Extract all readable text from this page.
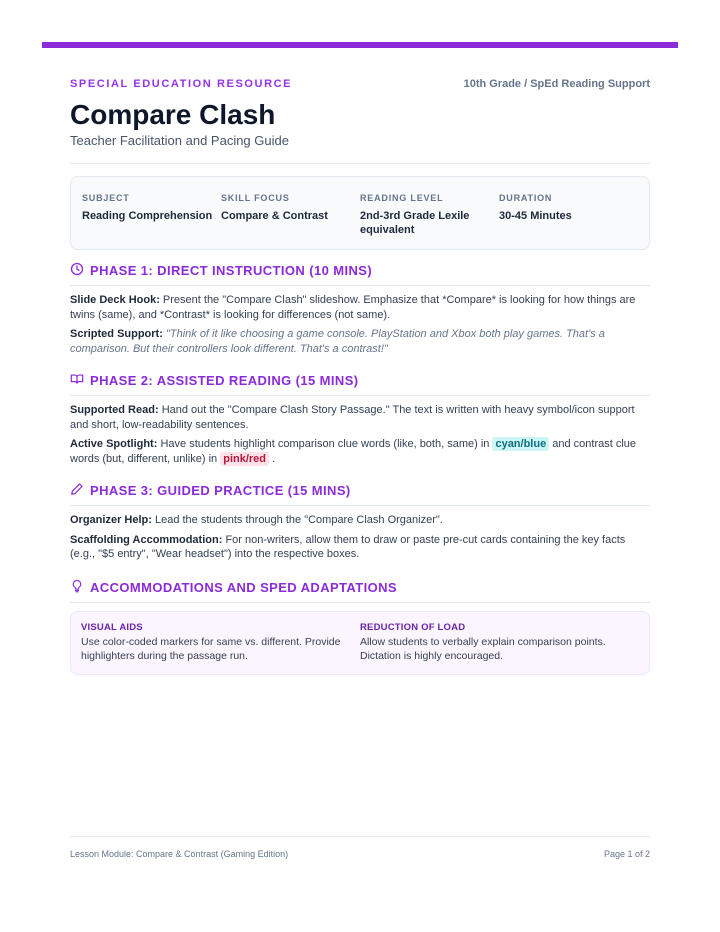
SPECIAL EDUCATION RESOURCE	10th Grade / SpEd Reading Support
Compare Clash
Teacher Facilitation and Pacing Guide
SUBJECT
Reading Comprehension
SKILL FOCUS
Compare & Contrast
READING LEVEL
2nd-3rd Grade Lexile equivalent
DURATION
30-45 Minutes
PHASE 1: DIRECT INSTRUCTION (10 MINS)
Slide Deck Hook: Present the "Compare Clash" slideshow. Emphasize that *Compare* is looking for how things are twins (same), and *Contrast* is looking for differences (not same).
Scripted Support: "Think of it like choosing a game console. PlayStation and Xbox both play games. That's a comparison. But their controllers look different. That's a contrast!"
PHASE 2: ASSISTED READING (15 MINS)
Supported Read: Hand out the "Compare Clash Story Passage." The text is written with heavy symbol/icon support and short, low-readability sentences.
Active Spotlight: Have students highlight comparison clue words (like, both, same) in cyan/blue and contrast clue words (but, different, unlike) in pink/red .
PHASE 3: GUIDED PRACTICE (15 MINS)
Organizer Help: Lead the students through the "Compare Clash Organizer".
Scaffolding Accommodation: For non-writers, allow them to draw or paste pre-cut cards containing the key facts (e.g., "$5 entry", "Wear headset") into the respective boxes.
ACCOMMODATIONS AND SPED ADAPTATIONS
VISUAL AIDS
Use color-coded markers for same vs. different. Provide highlighters during the passage run.
REDUCTION OF LOAD
Allow students to verbally explain comparison points. Dictation is highly encouraged.
Lesson Module: Compare & Contrast (Gaming Edition)	Page 1 of 2
